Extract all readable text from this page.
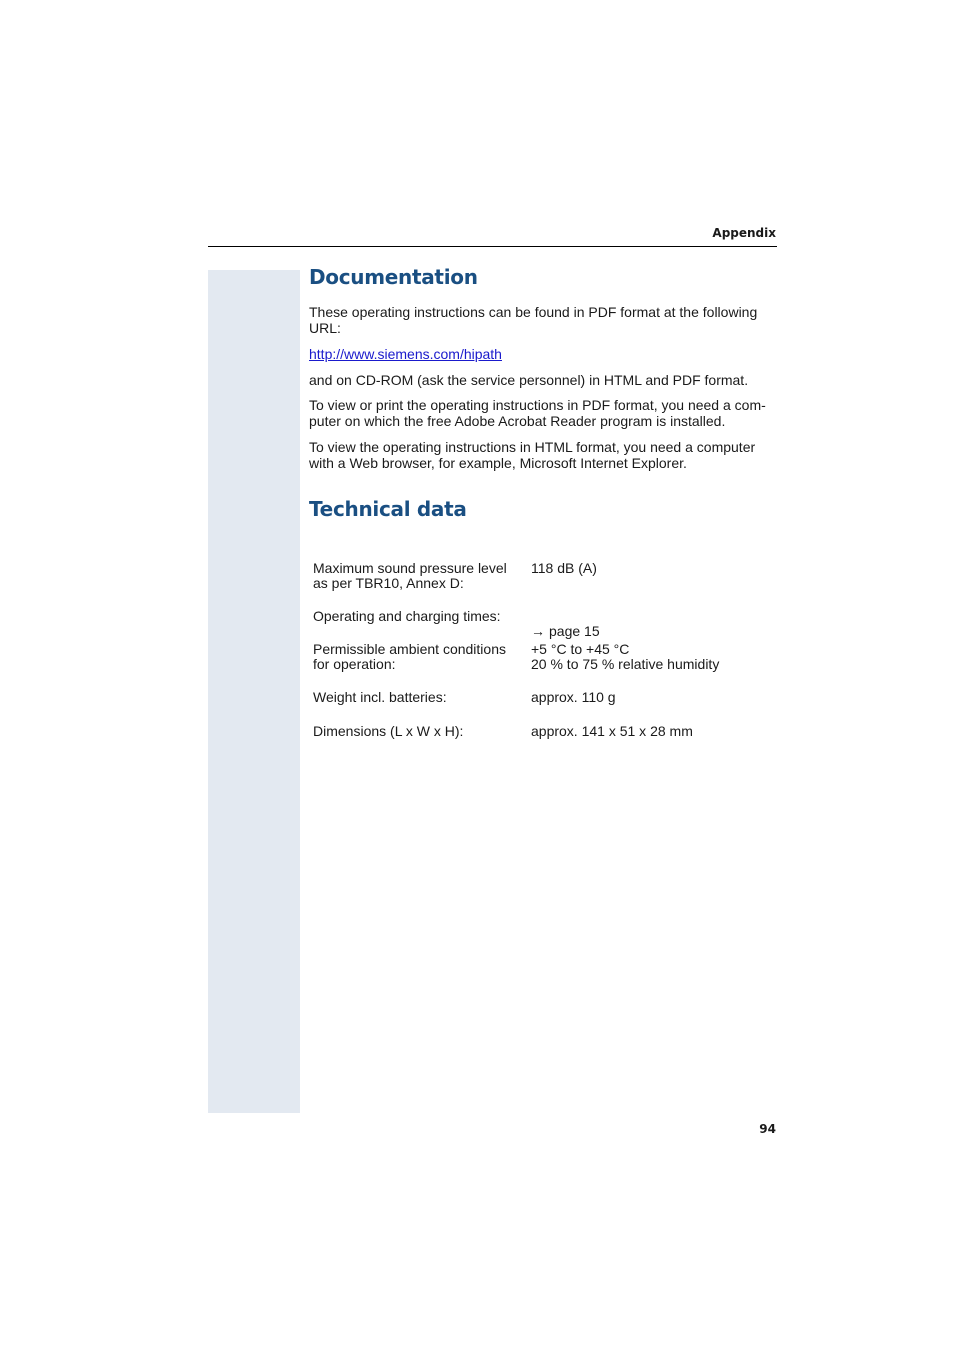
Appendix
Documentation

These operating instructions can be found in PDF format at the following URL:

http://www.siemens.com/hipath

and on CD-ROM (ask the service personnel) in HTML and PDF format.

To view or print the operating instructions in PDF format, you need a com-puter on which the free Adobe Acrobat Reader program is installed.

To view the operating instructions in HTML format, you need a computer with a Web browser, for example, Microsoft Internet Explorer.

Technical data
Maximum sound pressure level
as per TBR10, Annex D:
118 dB (A)
Operating and charging times:

→ page 15

Permissible ambient conditions
for operation:
+5 °C to +45 °C
20 % to 75 % relative humidity
Weight incl. batteries:	approx. 110 g
Dimensions (L x W x H):	approx. 141 x 51 x 28 mm
94
